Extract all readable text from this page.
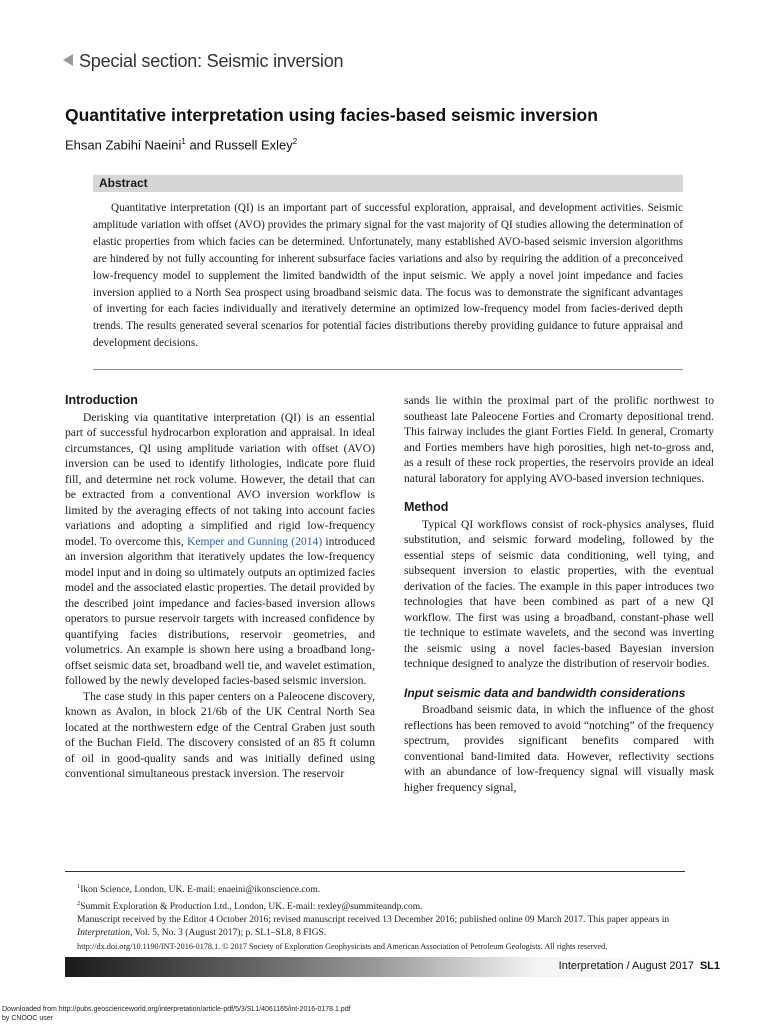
Special section: Seismic inversion
Quantitative interpretation using facies-based seismic inversion
Ehsan Zabihi Naeini$^1$ and Russell Exley$^2$
Abstract

Quantitative interpretation (QI) is an important part of successful exploration, appraisal, and development activities. Seismic amplitude variation with offset (AVO) provides the primary signal for the vast majority of QI studies allowing the determination of elastic properties from which facies can be determined. Unfortunately, many established AVO-based seismic inversion algorithms are hindered by not fully accounting for inherent subsurface facies variations and also by requiring the addition of a preconceived low-frequency model to supplement the limited bandwidth of the input seismic. We apply a novel joint impedance and facies inversion applied to a North Sea prospect using broadband seismic data. The focus was to demonstrate the significant advantages of inverting for each facies individually and iteratively determine an optimized low-frequency model from facies-derived depth trends. The results generated several scenarios for potential facies distributions thereby providing guidance to future appraisal and development decisions.

Introduction

Derisking via quantitative interpretation (QI) is an essential part of successful hydrocarbon exploration and appraisal. In ideal circumstances, QI using amplitude variation with offset (AVO) inversion can be used to identify lithologies, indicate pore fluid fill, and determine net rock volume. However, the detail that can be extracted from a conventional AVO inversion workflow is limited by the averaging effects of not taking into account facies variations and adopting a simplified and rigid low-frequency model. To overcome this, Kemper and Gunning (2014) introduced an inversion algorithm that iteratively updates the low-frequency model input and in doing so ultimately outputs an optimized facies model and the associated elastic properties. The detail provided by the described joint impedance and facies-based inversion allows operators to pursue reservoir targets with increased confidence by quantifying facies distributions, reservoir geometries, and volumetrics. An example is shown here using a broadband long-offset seismic data set, broadband well tie, and wavelet estimation, followed by the newly developed facies-based seismic inversion.

The case study in this paper centers on a Paleocene discovery, known as Avalon, in block 21/6b of the UK Central North Sea located at the northwestern edge of the Central Graben just south of the Buchan Field. The discovery consisted of an 85 ft column of oil in good-quality sands and was initially defined using conventional simultaneous prestack inversion. The reservoir

sands lie within the proximal part of the prolific northwest to southeast late Paleocene Forties and Cromarty depositional trend. This fairway includes the giant Forties Field. In general, Cromarty and Forties members have high porosities, high net-to-gross and, as a result of these rock properties, the reservoirs provide an ideal natural laboratory for applying AVO-based inversion techniques.

Method

Typical QI workflows consist of rock-physics analyses, fluid substitution, and seismic forward modeling, followed by the essential steps of seismic data conditioning, well tying, and subsequent inversion to elastic properties, with the eventual derivation of the facies. The example in this paper introduces two technologies that have been combined as part of a new QI workflow. The first was using a broadband, constant-phase well tie technique to estimate wavelets, and the second was inverting the seismic using a novel facies-based Bayesian inversion technique designed to analyze the distribution of reservoir bodies.

Input seismic data and bandwidth considerations

Broadband seismic data, in which the influence of the ghost reflections has been removed to avoid “notching” of the frequency spectrum, provides significant benefits compared with conventional band-limited data. However, reflectivity sections with an abundance of low-frequency signal will visually mask higher frequency signal,

$^1$Ikon Science, London, UK. E-mail: enaeini@ikonscience.com.
$^2$Summit Exploration & Production Ltd., London, UK. E-mail: rexley@summiteandp.com.
Manuscript received by the Editor 4 October 2016; revised manuscript received 13 December 2016; published online 09 March 2017. This paper appears in Interpretation, Vol. 5, No. 3 (August 2017); p. SL1–SL8, 8 FIGS.
http://dx.doi.org/10.1190/INT-2016-0178.1. © 2017 Society of Exploration Geophysicists and American Association of Petroleum Geologists. All rights reserved.
Interpretation / August 2017 SL1
Downloaded from http://pubs.geoscienceworld.org/interpretation/article-pdf/5/3/SL1/4061165/int-2016-0178.1.pdf
by CNOOC user
